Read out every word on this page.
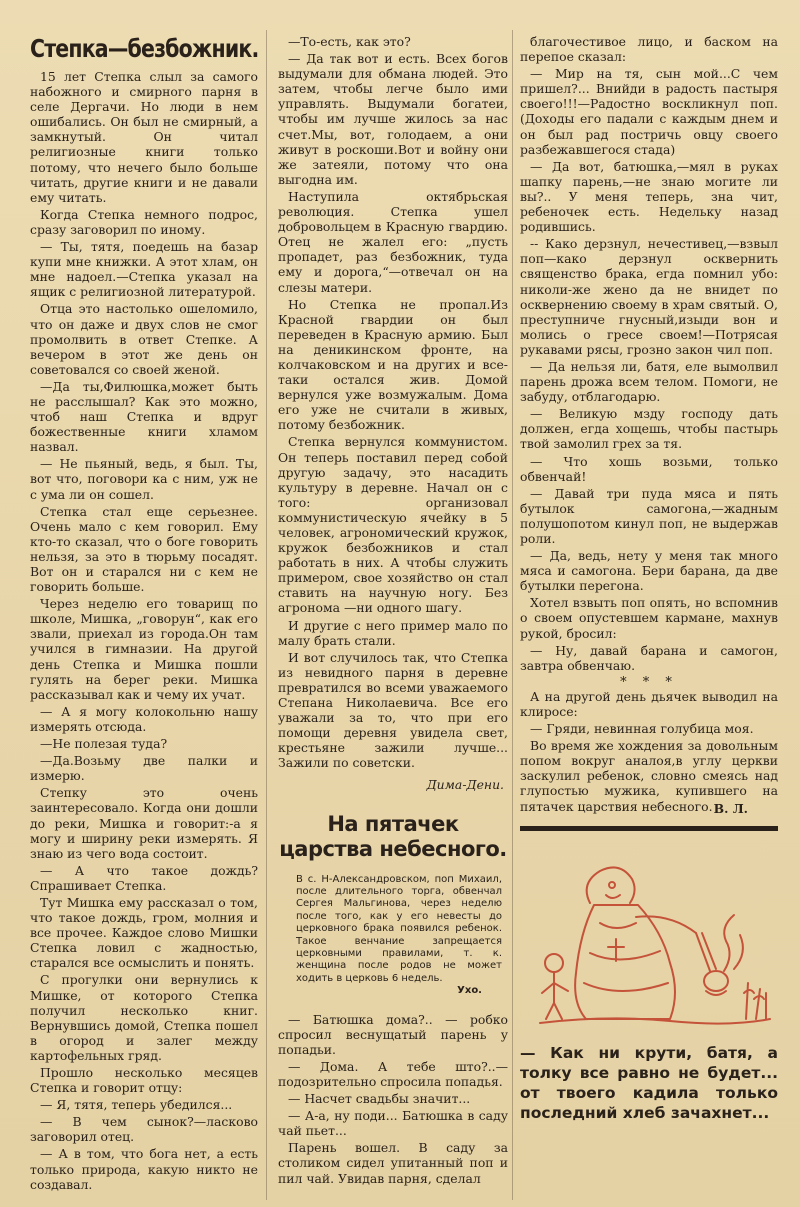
Степка—безбожник.

15 лет Степка слыл за самого набожного и смирного парня в селе Дергачи. Но люди в нем ошибались. Он был не смирный, а замкнутый. Он читал религиозные книги только потому, что нечего было больше читать, другие книги и не давали ему читать.

Когда Степка немного подрос, сразу заговорил по иному.

— Ты, тятя, поедешь на базар купи мне книжки. А этот хлам, он мне надоел.—Степка указал на ящик с религиозной литературой.

Отца это настолько ошеломило, что он даже и двух слов не смог промолвить в ответ Степке. А вечером в этот же день он советовался со своей женой.

—Да ты,Филюшка,может быть не расслышал? Как это можно, чтоб наш Степка и вдруг божественные книги хламом назвал.

— Не пьяный, ведь, я был. Ты, вот что, поговори ка с ним, уж не с ума ли он сошел.

Степка стал еще серьезнее. Очень мало с кем говорил. Ему кто-то сказал, что о боге говорить нельзя, за это в тюрьму посадят. Вот он и старался ни с кем не говорить больше.

Через неделю его товарищ по школе, Мишка, „говорун“, как его звали, приехал из города.Он там учился в гимназии. На другой день Степка и Мишка пошли гулять на берег реки. Мишка рассказывал как и чему их учат.

— А я могу колокольню нашу измерять отсюда.

—Не полезая туда?

—Да.Возьму две палки и измерю.

Степку это очень заинтересовало. Когда они дошли до реки, Мишка и говорит:-а я могу и ширину реки измерять. Я знаю из чего вода состоит.

— А что такое дождь? Спрашивает Степка.

Тут Мишка ему рассказал о том, что такое дождь, гром, молния и все прочее. Каждое слово Мишки Степка ловил с жадностью, старался все осмыслить и понять.

С прогулки они вернулись к Мишке, от которого Степка получил несколько книг. Вернувшись домой, Степка пошел в огород и залег между картофельных гряд.

Прошло несколько месяцев Степка и говорит отцу:

— Я, тятя, теперь убедился...

— В чем сынок?—ласково заговорил отец.

— А в том, что бога нет, а есть только природа, какую никто не создавал.

—То-есть, как это?

— Да так вот и есть. Всех богов выдумали для обмана людей. Это затем, чтобы легче было ими управлять. Выдумали богатеи, чтобы им лучше жилось за нас счет.Мы, вот, голодаем, а они живут в роскоши.Вот и войну они же затеяли, потому что она выгодна им.

Наступила октябрьская революция. Степка ушел добровольцем в Красную гвардию. Отец не жалел его: „пусть пропадет, раз безбожник, туда ему и дорога,“—отвечал он на слезы матери.

Но Степка не пропал.Из Красной гвардии он был переведен в Красную армию. Был на деникинском фронте, на колчаковском и на других и все-таки остался жив. Домой вернулся уже возмужалым. Дома его уже не считали в живых, потому безбожник.

Степка вернулся коммунистом. Он теперь поставил перед собой другую задачу, это насадить культуру в деревне. Начал он с того: организовал коммунистическую ячейку в 5 человек, агрономический кружок, кружок безбожников и стал работать в них. А чтобы служить примером, свое хозяйство он стал ставить на научную ногу. Без агронома —ни одного шагу.

И другие с него пример мало по малу брать стали.

И вот случилось так, что Степка из невидного парня в деревне превратился во всеми уважаемого Степана Николаевича. Все его уважали за то, что при его помощи деревня увидела свет, крестьяне зажили лучше... Зажили по советски.

Дима-Дени.
На пятачек царства небесного.
В с. Н-Александровском, поп Михаил, после длительного торга, обвенчал Сергея Мальгинова, через неделю после того, как у его невесты до церковного брака появился ребенок. Такое венчание запрещается церковными правилами, т. к. женщина после родов не может ходить в церковь 6 недель.
Ухо.

— Батюшка дома?.. — робко спросил веснущатый парень у попадьи.

— Дома. А тебе што?..—подозрительно спросила попадья.

— Насчет свадьбы значит...

— А-а, ну поди... Батюшка в саду чай пьет...

Парень вошел. В саду за столиком сидел упитанный поп и пил чай. Увидав парня, сделал

благочестивое лицо, и баском на перепое сказал:

— Мир на тя, сын мой...С чем пришел?... Внийди в радость пастыря своего!!!—Радостно воскликнул поп.(Доходы его падали с каждым днем и он был рад постричь овцу своего разбежавшегося стада)

— Да вот, батюшка,—мял в руках шапку парень,—не знаю могите ли вы?.. У меня теперь, зна чит, ребеночек есть. Недельку назад родившись.

-- Како дерзнул, нечестивец,—взвыл поп—како дерзнул осквернить священство брака, егда помнил убо: николи-же жено да не внидет по осквернению своему в храм святый. О, преступниче гнусный,изыди вон и молись о гресе своем!—Потрясая рукавами рясы, грозно закон чил поп.

— Да нельзя ли, батя, еле вымолвил парень дрожа всем телом. Помоги, не забуду, отблагодарю.

— Великую мзду господу дать должен, егда хощешь, чтобы пастырь твой замолил грех за тя.

— Что хошь возьми, только обвенчай!

— Давай три пуда мяса и пять бутылок самогона,—жадным полушопотом кинул поп, не выдержав роли.

— Да, ведь, нету у меня так много мяса и самогона. Бери барана, да две бутылки перегона.

Хотел взвыть поп опять, но вспомнив о своем опустевшем кармане, махнув рукой, бросил:

— Ну, давай барана и самогон, завтра обвенчаю.

* * *

А на другой день дьячек выводил на клиросе:

— Гряди, невинная голубица моя.

Во время же хождения за довольным попом вокруг аналоя,в углу церкви заскулил ребенок, словно смеясь над глупостью мужика, купившего на пятачек царствия небесного. В. Л.
— Как ни крути, батя, а толку все равно не будет... от твоего кадила только последний хлеб зачахнет...
